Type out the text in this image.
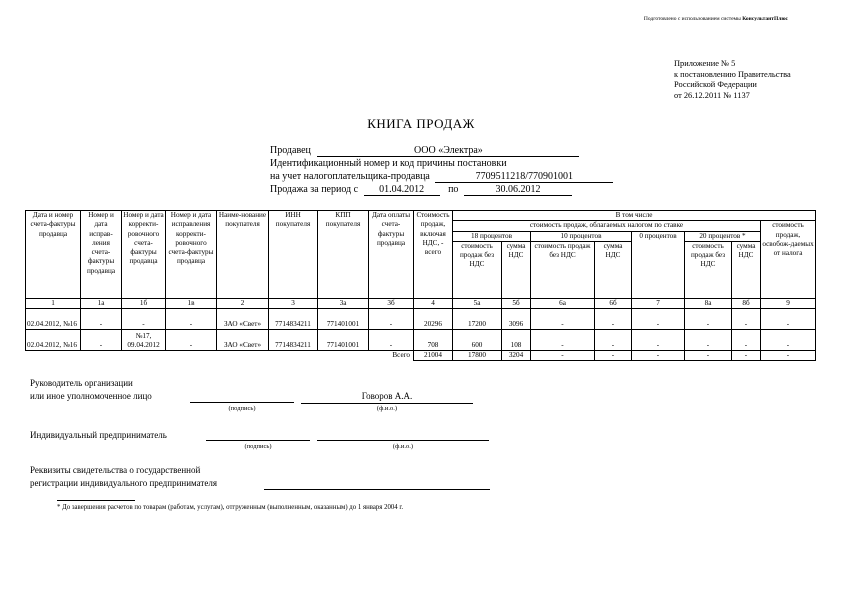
Подготовлено с использованием системы КонсультантПлюс
Приложение № 5
к постановлению Правительства
Российской Федерации
от 26.12.2011 № 1137
КНИГА ПРОДАЖ
Продавец	ООО «Электра»
Идентификационный номер и код причины постановки
на учет налогоплательщика-продавца	7709511218/770901001
Продажа за период с 01.04.2012 по	30.06.2012
Дата и номер счета-фактуры продавца	Номер и дата исправ-ления счета-фактуры продавца	Номер и дата корректи-ровочного счета-фактуры продавца	Номер и дата исправления корректи-ровочного счета-фактуры продавца	Наиме-нование покупателя	ИНН покупателя	КПП покупателя	Дата оплаты счета-фактуры продавца	Стоимость продаж, включая НДС, - всего	В том числе							
									стоимость продаж, облагаемых налогом по ставке							стоимость продаж, освобож-даемых от налога
									18 процентов		10 процентов		0 процентов	20 процентов *		
									стоимость продаж без НДС	сумма НДС	стоимость продаж без НДС	сумма НДС		стоимость продаж без НДС	сумма НДС	
1	1а	1б	1в	2	3	3а	3б	4	5а	5б	6а	6б	7	8а	8б	9
02.04.2012, №16	-	-	-	ЗАО «Свет»	7714834211	771401001	-	20296	17200	3096	-	-	-	-	-	-
02.04.2012, №16	-	№17, 09.04.2012	-	ЗАО «Свет»	7714834211	771401001	-	708	600	108	-	-	-	-	-	-
Всего								21004	17800	3204	-	-	-	-	-	-
Руководитель организации
или иное уполномоченное лицо	Говоров А.А.
(подпись)	(ф.и.о.)
Индивидуальный предприниматель
(подпись)	(ф.и.о.)
Реквизиты свидетельства о государственной
регистрации индивидуального предпринимателя
* До завершения расчетов по товарам (работам, услугам), отгруженным (выполненным, оказанным) до 1 января 2004 г.
